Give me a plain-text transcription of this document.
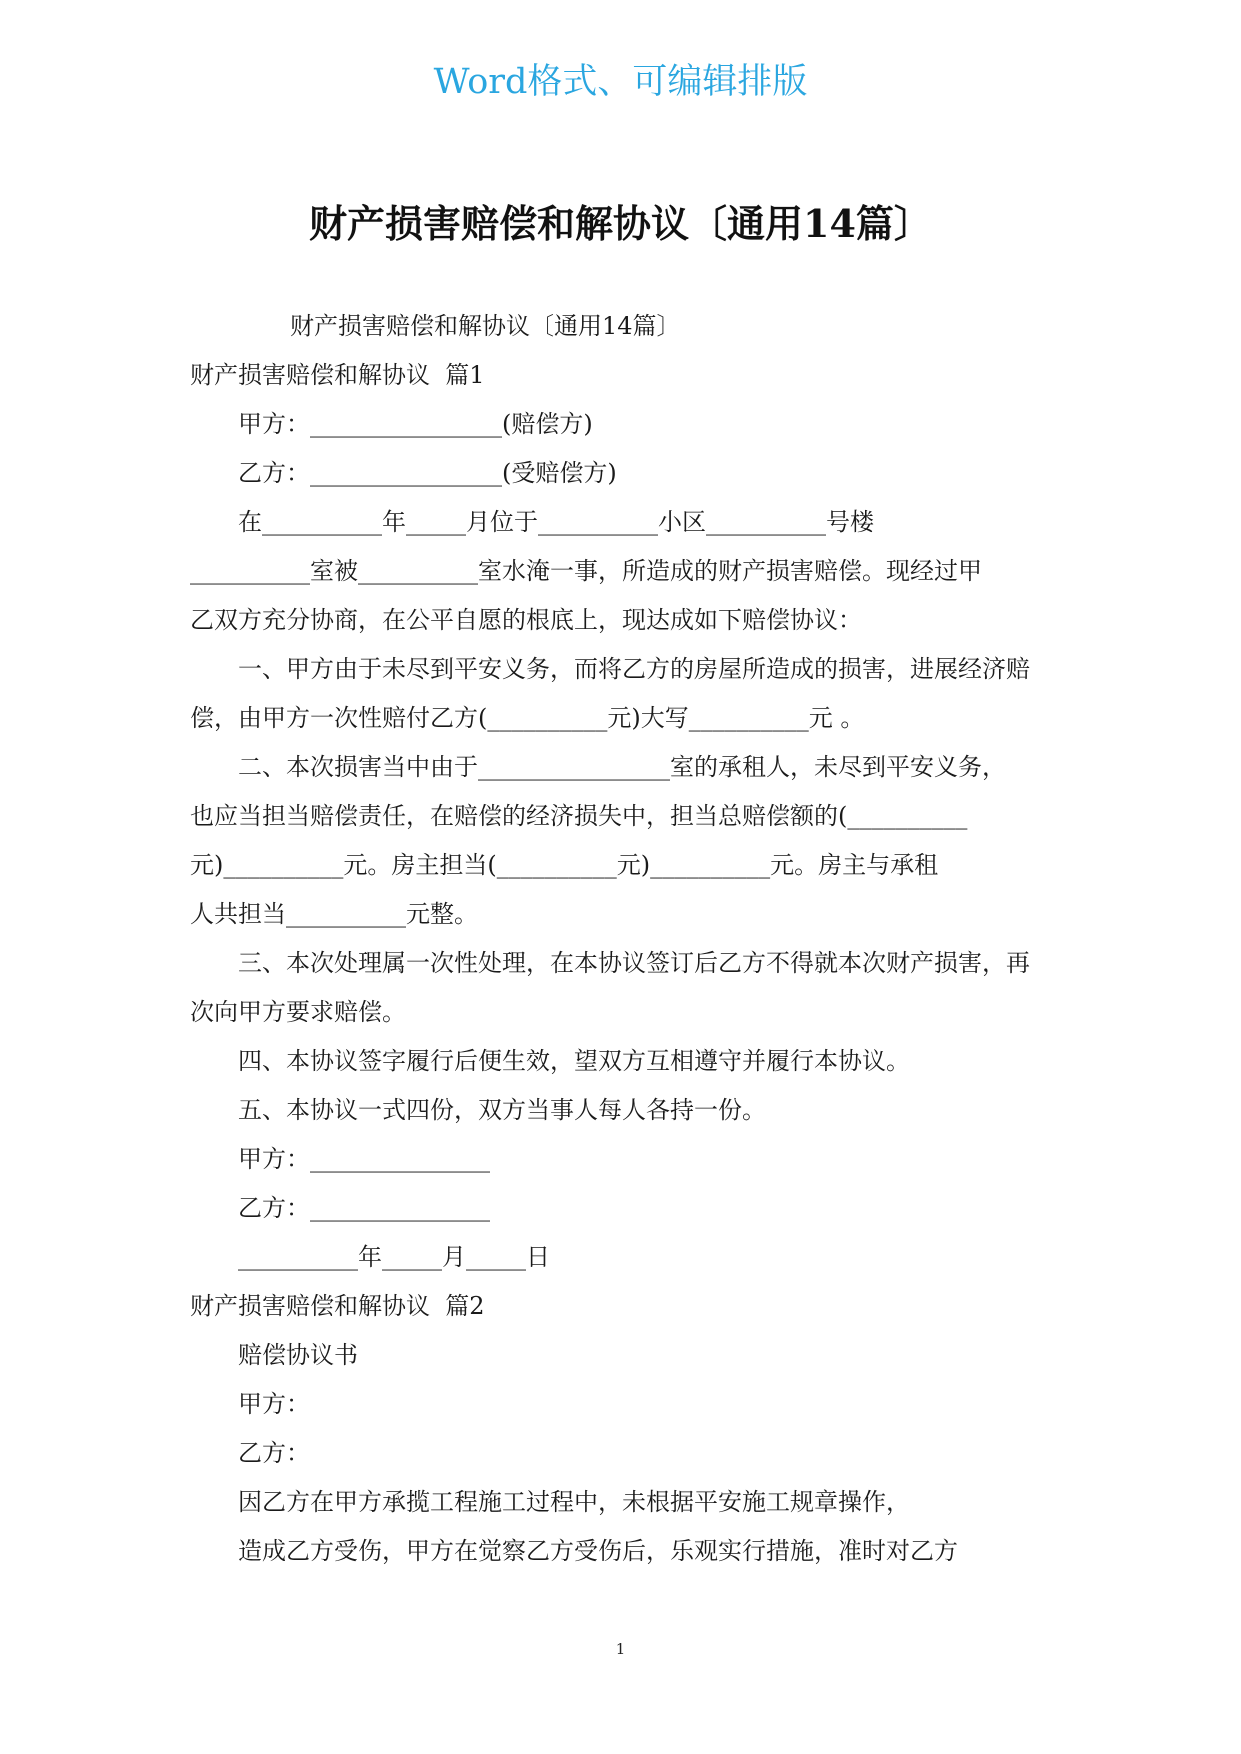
Word格式、可编辑排版
财产损害赔偿和解协议〔通用14篇〕
财产损害赔偿和解协议〔通用14篇〕
财产损害赔偿和解协议  篇1
甲方：________________(赔偿方)
乙方：________________(受赔偿方)
在__________年_____月位于__________小区__________号楼
__________室被__________室水淹一事，所造成的财产损害赔偿。现经过甲
乙双方充分协商，在公平自愿的根底上，现达成如下赔偿协议：
一、甲方由于未尽到平安义务，而将乙方的房屋所造成的损害，进展经济赔
偿，由甲方一次性赔付乙方(__________元)大写__________元 。
二、本次损害当中由于________________室的承租人，未尽到平安义务，
也应当担当赔偿责任，在赔偿的经济损失中，担当总赔偿额的(__________
元)__________元。房主担当(__________元)__________元。房主与承租
人共担当__________元整。
三、本次处理属一次性处理，在本协议签订后乙方不得就本次财产损害，再
次向甲方要求赔偿。
四、本协议签字履行后便生效，望双方互相遵守并履行本协议。
五、本协议一式四份，双方当事人每人各持一份。
甲方：_______________
乙方：_______________
__________年_____月_____日
财产损害赔偿和解协议  篇2
赔偿协议书
甲方：
乙方：
因乙方在甲方承揽工程施工过程中，未根据平安施工规章操作，
造成乙方受伤，甲方在觉察乙方受伤后，乐观实行措施，准时对乙方
1
